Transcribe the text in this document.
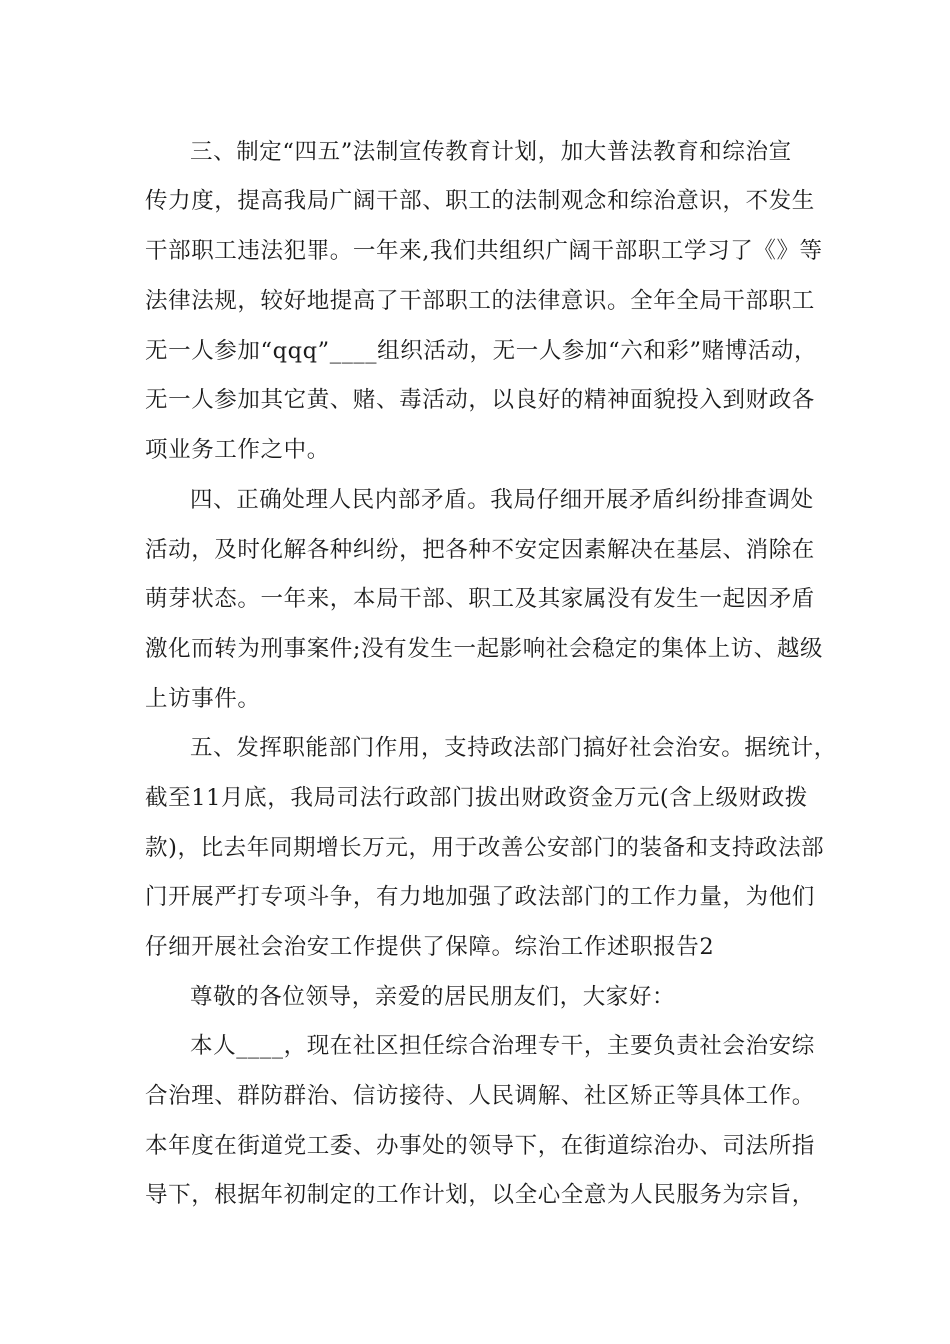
三、制定“四五”法制宣传教育计划，加大普法教育和综治宣
传力度，提高我局广阔干部、职工的法制观念和综治意识，不发生
干部职工违法犯罪。一年来,我们共组织广阔干部职工学习了《》等
法律法规，较好地提高了干部职工的法律意识。全年全局干部职工
无一人参加“qqq”____组织活动，无一人参加“六和彩”赌博活动，
无一人参加其它黄、赌、毒活动，以良好的精神面貌投入到财政各
项业务工作之中。
四、正确处理人民内部矛盾。我局仔细开展矛盾纠纷排查调处
活动，及时化解各种纠纷，把各种不安定因素解决在基层、消除在
萌芽状态。一年来，本局干部、职工及其家属没有发生一起因矛盾
激化而转为刑事案件;没有发生一起影响社会稳定的集体上访、越级
上访事件。
五、发挥职能部门作用，支持政法部门搞好社会治安。据统计，
截至11月底，我局司法行政部门拔出财政资金万元(含上级财政拨
款)，比去年同期增长万元，用于改善公安部门的装备和支持政法部
门开展严打专项斗争，有力地加强了政法部门的工作力量，为他们
仔细开展社会治安工作提供了保障。综治工作述职报告2
尊敬的各位领导，亲爱的居民朋友们，大家好：
本人____，现在社区担任综合治理专干，主要负责社会治安综
合治理、群防群治、信访接待、人民调解、社区矫正等具体工作。
本年度在街道党工委、办事处的领导下，在街道综治办、司法所指
导下，根据年初制定的工作计划，以全心全意为人民服务为宗旨，
